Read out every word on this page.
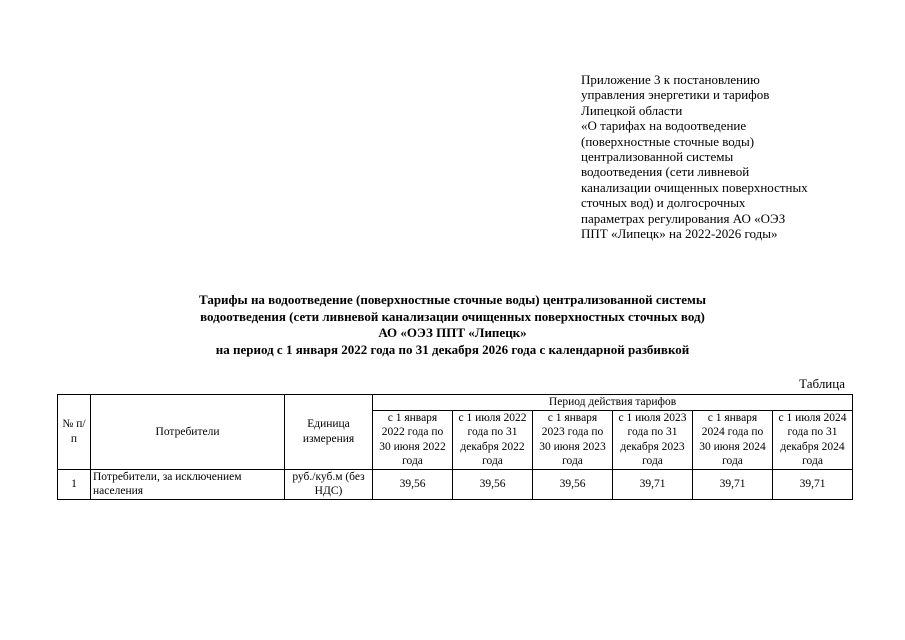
Приложение 3 к постановлению
управления энергетики и тарифов
Липецкой области
«О тарифах на водоотведение
(поверхностные сточные воды)
централизованной системы
водоотведения (сети ливневой
канализации очищенных поверхностных
сточных вод) и долгосрочных
параметрах регулирования АО «ОЭЗ
ППТ «Липецк» на 2022-2026 годы»
Тарифы на водоотведение (поверхностные сточные воды) централизованной системы
водоотведения (сети ливневой канализации очищенных поверхностных сточных вод)
АО «ОЭЗ ППТ «Липецк»
на период с 1 января 2022 года по 31 декабря 2026 года с календарной разбивкой
Таблица
№ п/п	Потребители	Единица измерения	Период действия тарифов					
			с 1 января 2022 года по 30 июня 2022 года	с 1 июля 2022 года по 31 декабря 2022 года	с 1 января 2023 года по 30 июня 2023 года	с 1 июля 2023 года по 31 декабря 2023 года	с 1 января 2024 года по 30 июня 2024 года	с 1 июля 2024 года по 31 декабря 2024 года
1	Потребители, за исключением населения	руб./куб.м (без НДС)	39,56	39,56	39,56	39,71	39,71	39,71
